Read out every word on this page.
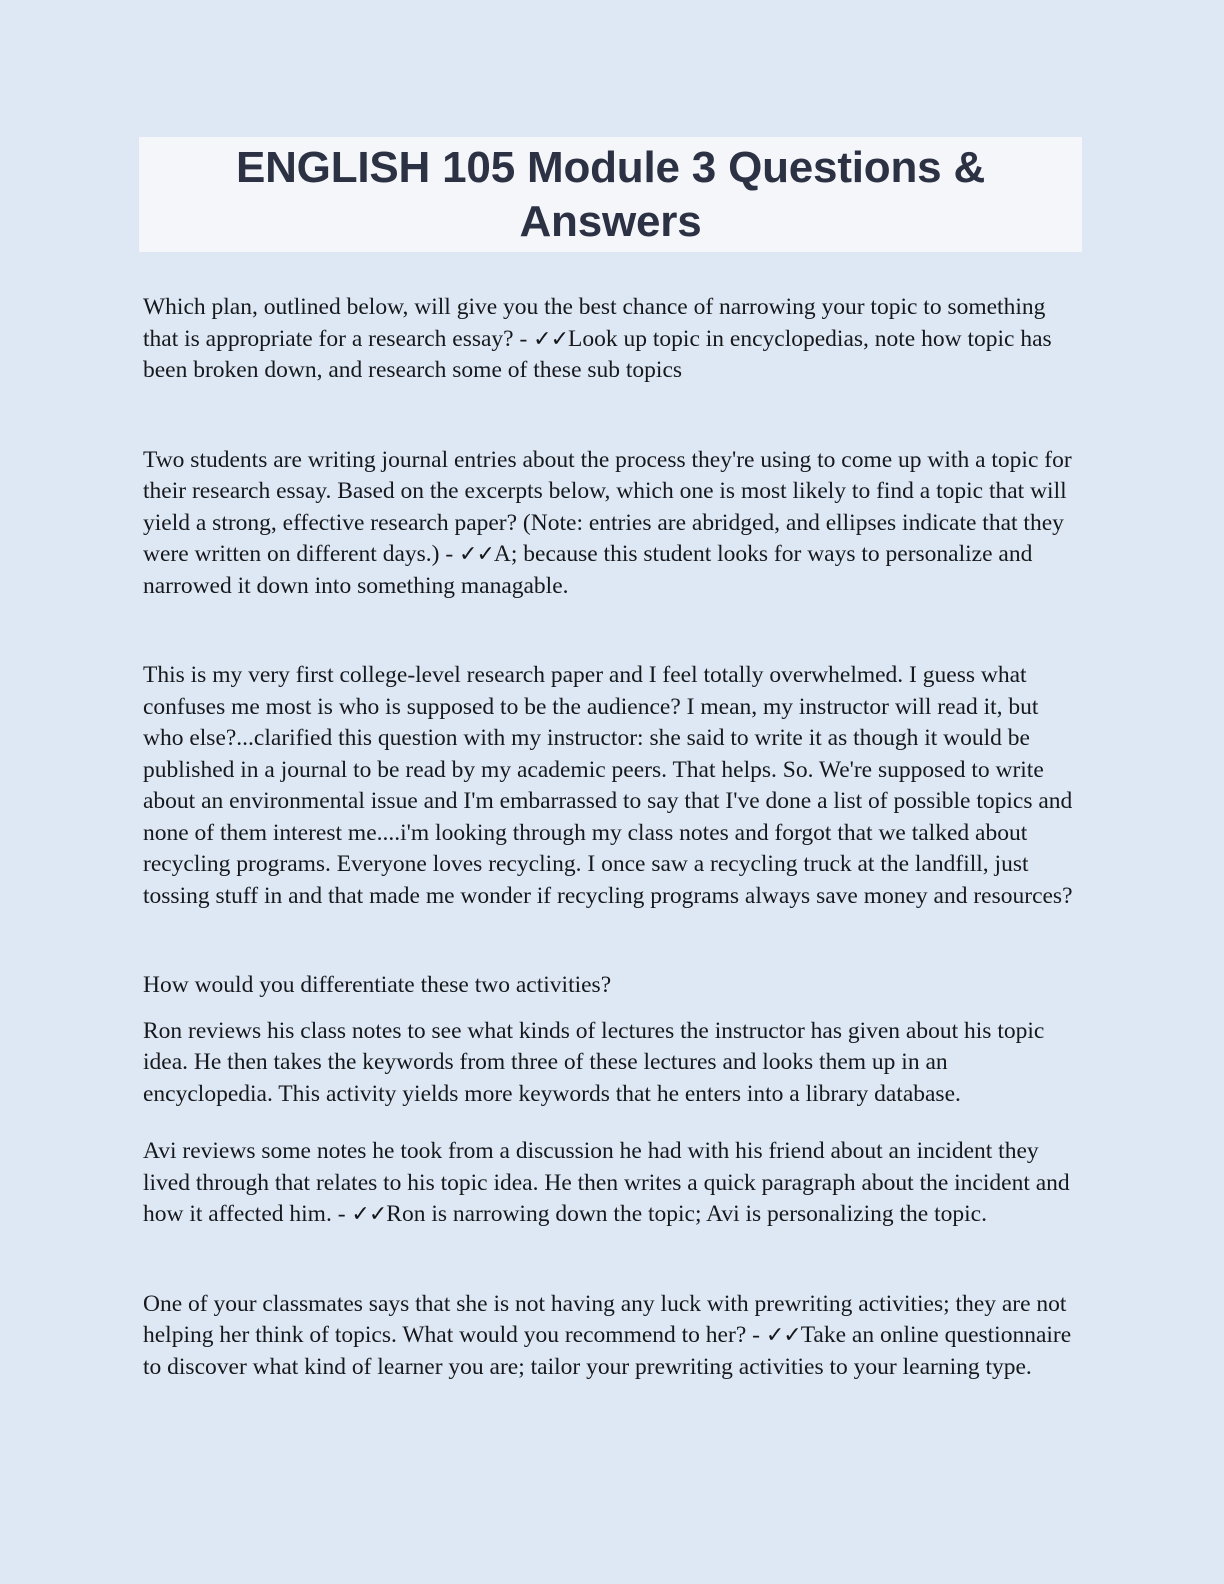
ENGLISH 105 Module 3 Questions & Answers

Which plan, outlined below, will give you the best chance of narrowing your topic to something that is appropriate for a research essay? - ✓✓Look up topic in encyclopedias, note how topic has been broken down, and research some of these sub topics

Two students are writing journal entries about the process they're using to come up with a topic for their research essay. Based on the excerpts below, which one is most likely to find a topic that will yield a strong, effective research paper? (Note: entries are abridged, and ellipses indicate that they were written on different days.) - ✓✓A; because this student looks for ways to personalize and narrowed it down into something managable.

This is my very first college-level research paper and I feel totally overwhelmed. I guess what confuses me most is who is supposed to be the audience? I mean, my instructor will read it, but who else?...clarified this question with my instructor: she said to write it as though it would be published in a journal to be read by my academic peers. That helps. So. We're supposed to write about an environmental issue and I'm embarrassed to say that I've done a list of possible topics and none of them interest me....i'm looking through my class notes and forgot that we talked about recycling programs. Everyone loves recycling. I once saw a recycling truck at the landfill, just tossing stuff in and that made me wonder if recycling programs always save money and resources?

How would you differentiate these two activities?

Ron reviews his class notes to see what kinds of lectures the instructor has given about his topic idea. He then takes the keywords from three of these lectures and looks them up in an encyclopedia. This activity yields more keywords that he enters into a library database.

Avi reviews some notes he took from a discussion he had with his friend about an incident they lived through that relates to his topic idea. He then writes a quick paragraph about the incident and how it affected him. - ✓✓Ron is narrowing down the topic; Avi is personalizing the topic.

One of your classmates says that she is not having any luck with prewriting activities; they are not helping her think of topics. What would you recommend to her? - ✓✓Take an online questionnaire to discover what kind of learner you are; tailor your prewriting activities to your learning type.
